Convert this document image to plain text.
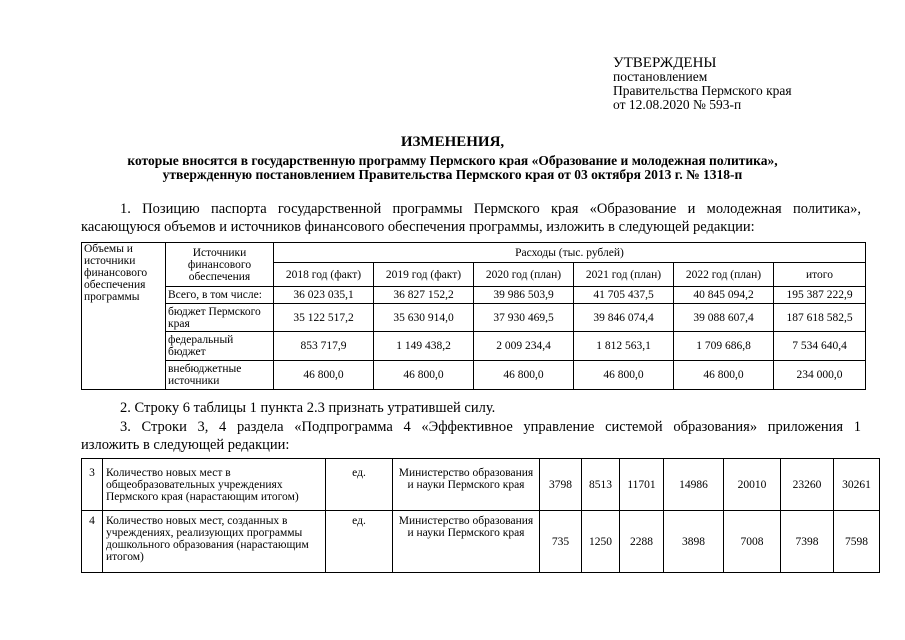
УТВЕРЖДЕНЫ
постановлением
Правительства Пермского края
от 12.08.2020 № 593-п
ИЗМЕНЕНИЯ,
которые вносятся в государственную программу Пермского края «Образование и молодежная политика»,
утвержденную постановлением Правительства Пермского края от 03 октября 2013 г. № 1318-п
1. Позицию паспорта государственной программы Пермского края «Образование и молодежная политика»,
касающуюся объемов и источников финансового обеспечения программы, изложить в следующей редакции:
Объемы и источники финансового обеспечения программы	Источники финансового обеспечения	Расходы (тыс. рублей)					
		2018 год (факт)	2019 год (факт)	2020 год (план)	2021 год (план)	2022 год (план)	итого
	Всего, в том числе:	36 023 035,1	36 827 152,2	39 986 503,9	41 705 437,5	40 845 094,2	195 387 222,9
	бюджет Пермского края	35 122 517,2	35 630 914,0	37 930 469,5	39 846 074,4	39 088 607,4	187 618 582,5
	федеральный бюджет	853 717,9	1 149 438,2	2 009 234,4	1 812 563,1	1 709 686,8	7 534 640,4
	внебюджетные источники	46 800,0	46 800,0	46 800,0	46 800,0	46 800,0	234 000,0
2. Строку 6 таблицы 1 пункта 2.3 признать утратившей силу.
3. Строки 3, 4 раздела «Подпрограмма 4 «Эффективное управление системой образования» приложения 1
изложить в следующей редакции:
3	Количество новых мест в общеобразовательных учреждениях Пермского края (нарастающим итогом)	ед.	Министерство образования и науки Пермского края	3798	8513	11701	14986	20010	23260	30261
4	Количество новых мест, созданных в учреждениях, реализующих программы дошкольного образования (нарастающим итогом)	ед.	Министерство образования и науки Пермского края	735	1250	2288	3898	7008	7398	7598
